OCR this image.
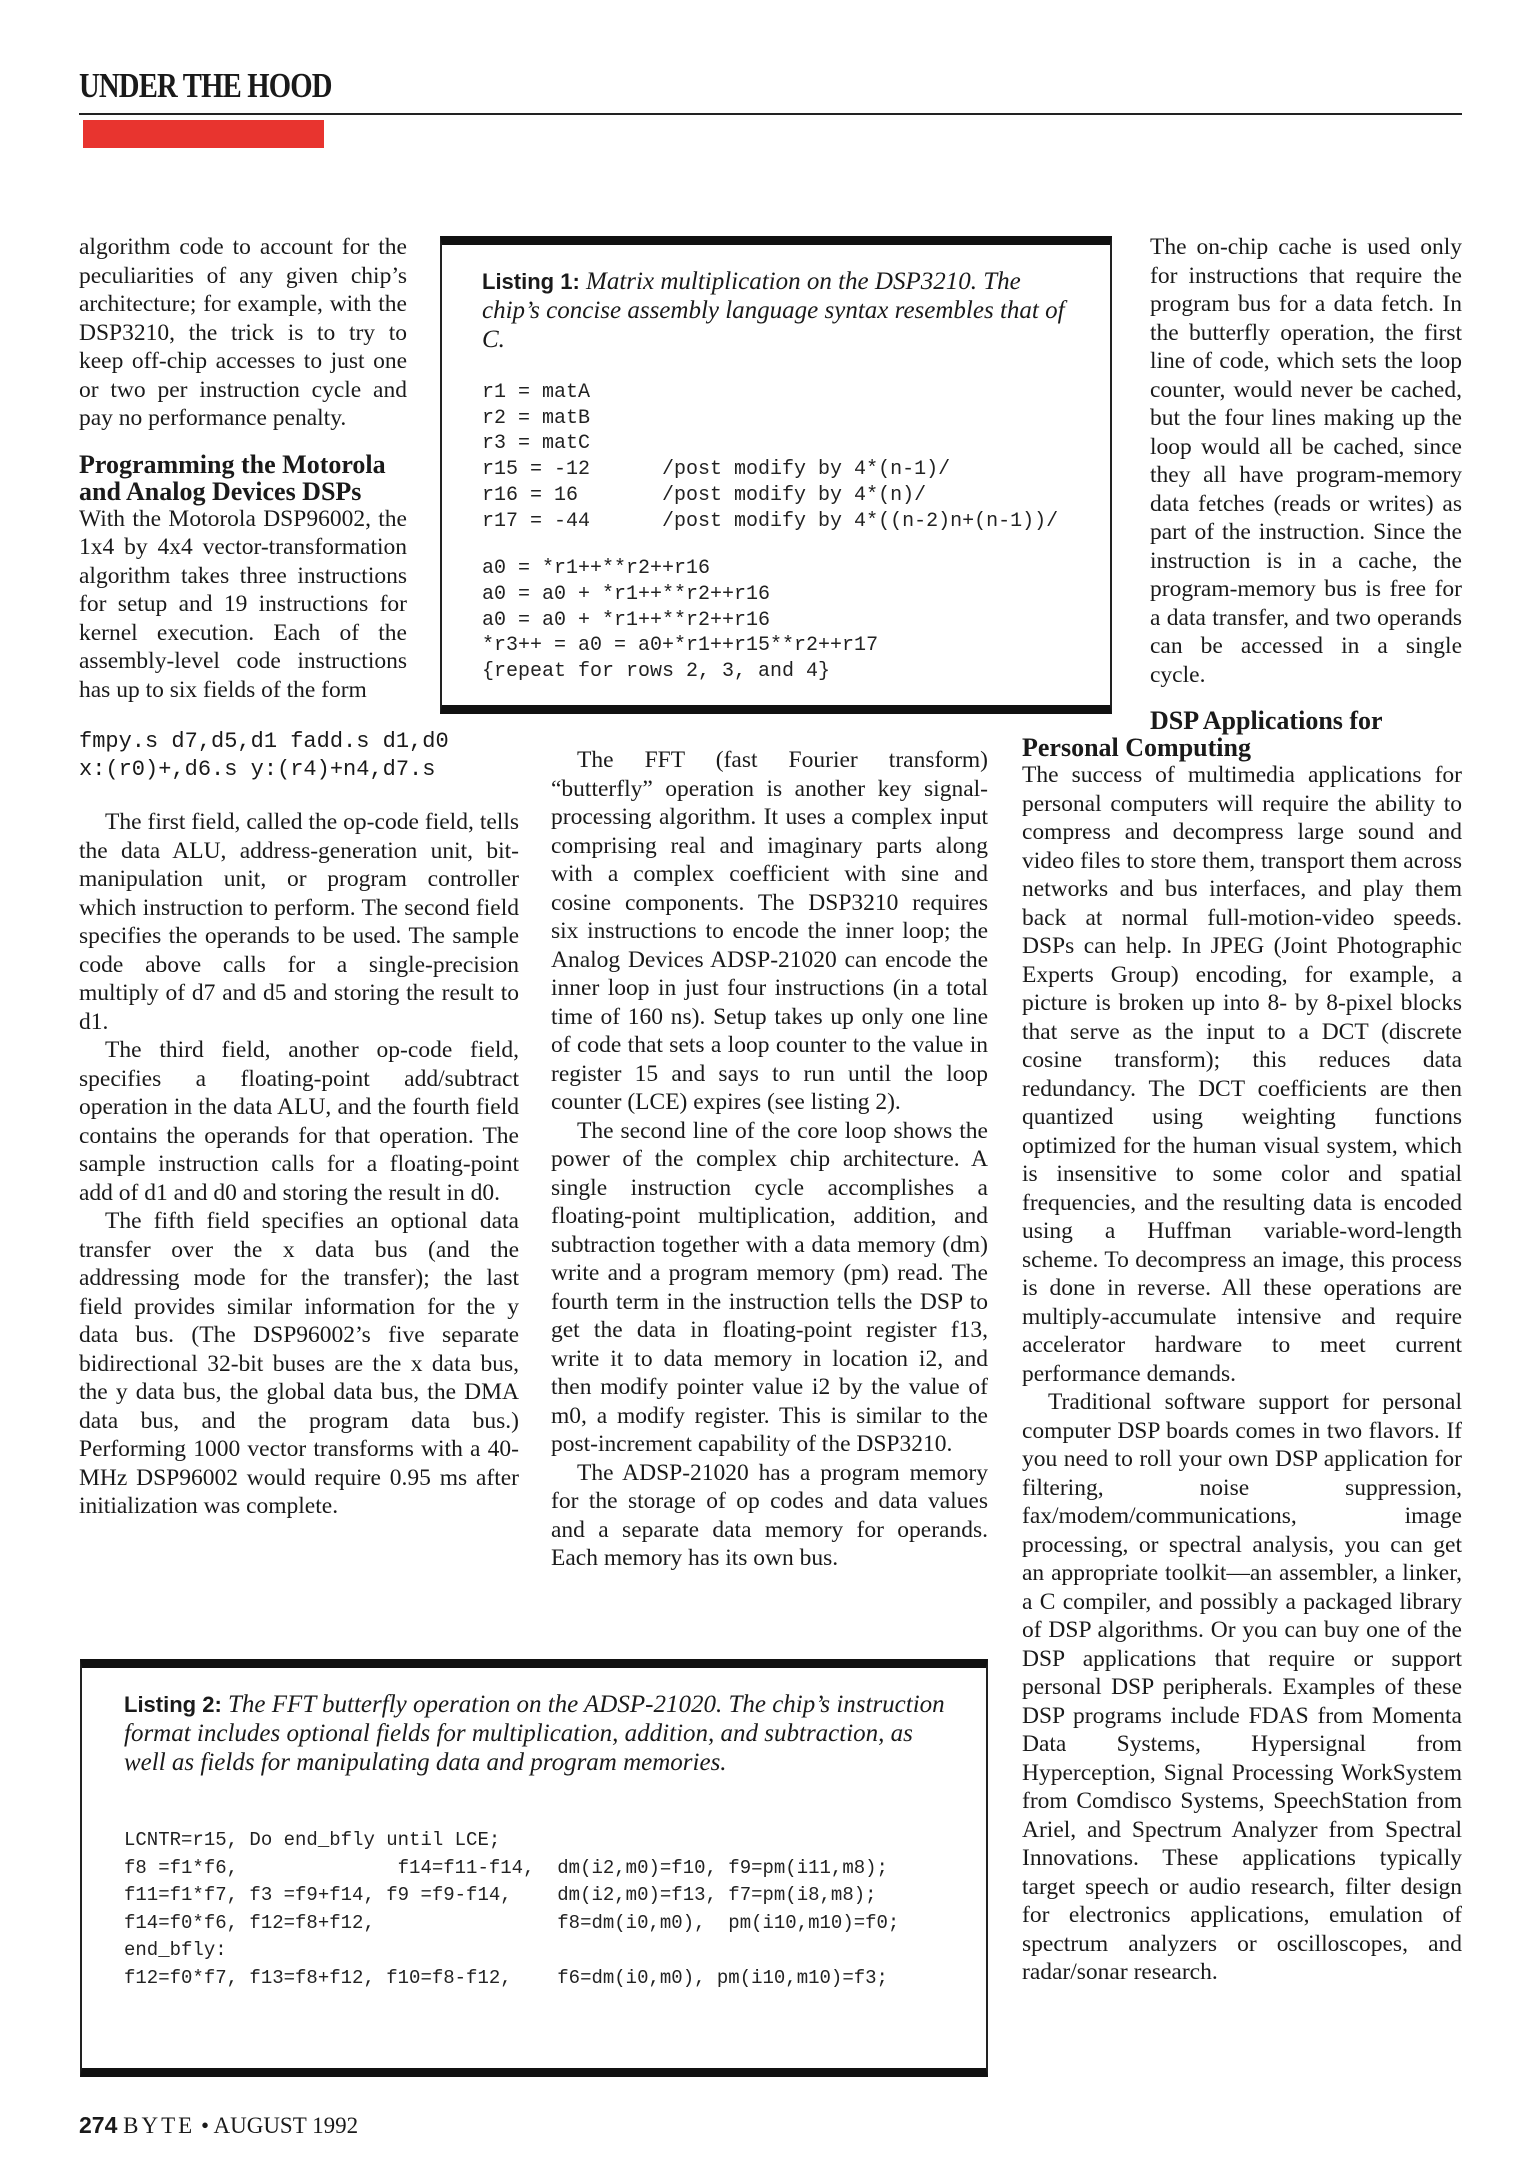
UNDER THE HOOD

algorithm code to account for the peculiarities of any given chip’s architecture; for example, with the DSP3210, the trick is to try to keep off-chip accesses to just one or two per instruction cycle and pay no performance penalty.

Programming the Motorola and Analog Devices DSPs

With the Motorola DSP96002, the 1x4 by 4x4 vector-transformation algorithm takes three instructions for setup and 19 instructions for kernel execution. Each of the assembly-level code instructions has up to six fields of the form

fmpy.s d7,d5,d1 fadd.s d1,d0
x:(r0)+,d6.s y:(r4)+n4,d7.s

The first field, called the op-code field, tells the data ALU, address-generation unit, bit-manipulation unit, or program controller which instruction to perform. The second field specifies the operands to be used. The sample code above calls for a single-precision multiply of d7 and d5 and storing the result to d1.

The third field, another op-code field, specifies a floating-point add/subtract operation in the data ALU, and the fourth field contains the operands for that operation. The sample instruction calls for a floating-point add of d1 and d0 and storing the result in d0.

The fifth field specifies an optional data transfer over the x data bus (and the addressing mode for the transfer); the last field provides similar information for the y data bus. (The DSP96002’s five separate bidirectional 32-bit buses are the x data bus, the y data bus, the global data bus, the DMA data bus, and the program data bus.) Performing 1000 vector transforms with a 40-MHz DSP96002 would require 0.95 ms after initialization was complete.

The FFT (fast Fourier transform) “butterfly” operation is another key signal-processing algorithm. It uses a complex input comprising real and imaginary parts along with a complex coefficient with sine and cosine components. The DSP3210 requires six instructions to encode the inner loop; the Analog Devices ADSP-21020 can encode the inner loop in just four instructions (in a total time of 160 ns). Setup takes up only one line of code that sets a loop counter to the value in register 15 and says to run until the loop counter (LCE) expires (see listing 2).

The second line of the core loop shows the power of the complex chip architecture. A single instruction cycle accomplishes a floating-point multiplication, addition, and subtraction together with a data memory (dm) write and a program memory (pm) read. The fourth term in the instruction tells the DSP to get the data in floating-point register f13, write it to data memory in location i2, and then modify pointer value i2 by the value of m0, a modify register. This is similar to the post-increment capability of the DSP3210.

The ADSP-21020 has a program memory for the storage of op codes and data values and a separate data memory for operands. Each memory has its own bus.

The on-chip cache is used only for instructions that require the program bus for a data fetch. In the butterfly operation, the first line of code, which sets the loop counter, would never be cached, but the four lines making up the loop would all be cached, since they all have program-memory data fetches (reads or writes) as part of the instruction. Since the instruction is in a cache, the program-memory bus is free for a data transfer, and two operands can be accessed in a single cycle.

DSP Applications for Personal Computing

The success of multimedia applications for personal computers will require the ability to compress and decompress large sound and video files to store them, transport them across networks and bus interfaces, and play them back at normal full-motion-video speeds. DSPs can help. In JPEG (Joint Photographic Experts Group) encoding, for example, a picture is broken up into 8- by 8-pixel blocks that serve as the input to a DCT (discrete cosine transform); this reduces data redundancy. The DCT coefficients are then quantized using weighting functions optimized for the human visual system, which is insensitive to some color and spatial frequencies, and the resulting data is encoded using a Huffman variable-word-length scheme. To decompress an image, this process is done in reverse. All these operations are multiply-accumulate intensive and require accelerator hardware to meet current performance demands.

Traditional software support for personal computer DSP boards comes in two flavors. If you need to roll your own DSP application for filtering, noise suppression, fax/modem/communications, image processing, or spectral analysis, you can get an appropriate toolkit—an assembler, a linker, a C compiler, and possibly a packaged library of DSP algorithms. Or you can buy one of the DSP applications that require or support personal DSP peripherals. Examples of these DSP programs include FDAS from Momenta Data Systems, Hypersignal from Hyperception, Signal Processing WorkSystem from Comdisco Systems, SpeechStation from Ariel, and Spectrum Analyzer from Spectral Innovations. These applications typically target speech or audio research, filter design for electronics applications, emulation of spectrum analyzers or oscilloscopes, and radar/sonar research.

Listing 1: Matrix multiplication on the DSP3210. The chip’s concise assembly language syntax resembles that of C.
r1 = matA
r2 = matB
r3 = matC
r15 = -12      /post modify by 4*(n-1)/
r16 = 16       /post modify by 4*(n)/
r17 = -44      /post modify by 4*((n-2)n+(n-1))/
a0 = *r1++**r2++r16
a0 = a0 + *r1++**r2++r16
a0 = a0 + *r1++**r2++r16
*r3++ = a0 = a0+*r1++r15**r2++r17
{repeat for rows 2, 3, and 4}
Listing 2: The FFT butterfly operation on the ADSP-21020. The chip’s instruction format includes optional fields for multiplication, addition, and subtraction, as well as fields for manipulating data and program memories.
LCNTR=r15, Do end_bfly until LCE;
f8 =f1*f6,              f14=f11-f14,  dm(i2,m0)=f10, f9=pm(i11,m8);
f11=f1*f7, f3 =f9+f14, f9 =f9-f14,    dm(i2,m0)=f13, f7=pm(i8,m8);
f14=f0*f6, f12=f8+f12,                f8=dm(i0,m0),  pm(i10,m10)=f0;
end_bfly:
f12=f0*f7, f13=f8+f12, f10=f8-f12,    f6=dm(i0,m0), pm(i10,m10)=f3;
274 BYTE • AUGUST 1992
